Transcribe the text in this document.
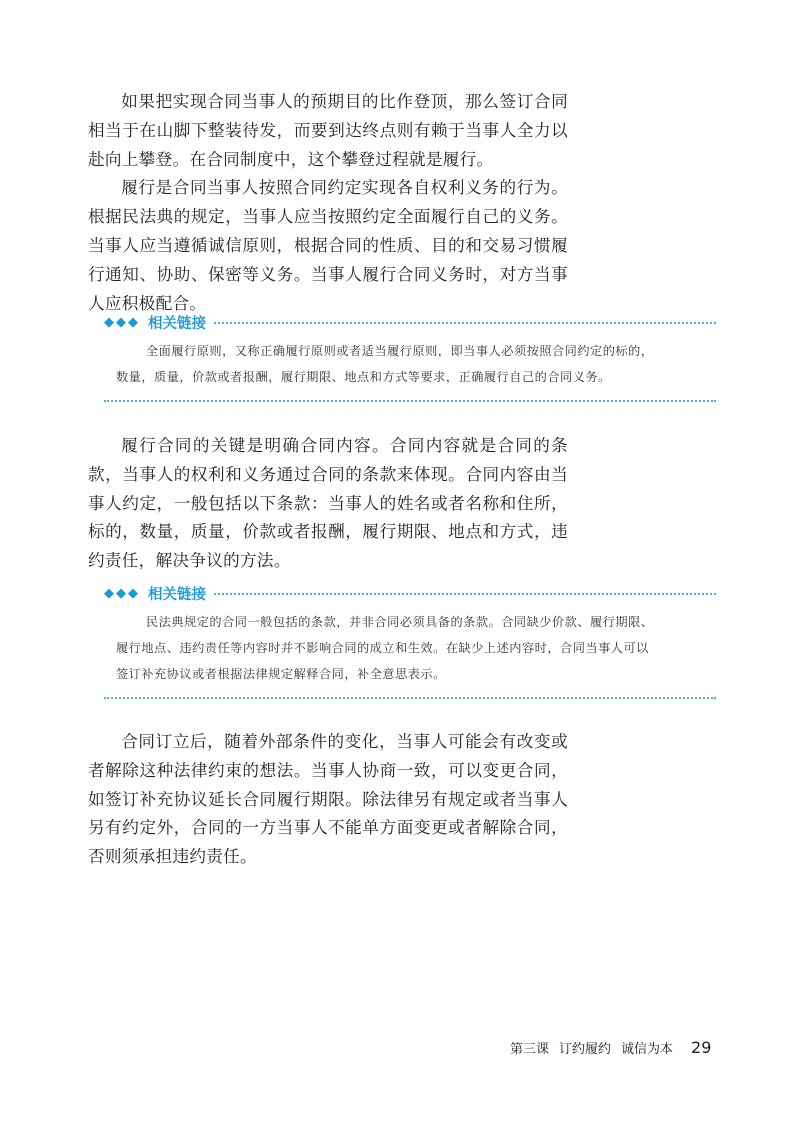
如果把实现合同当事人的预期目的比作登顶，那么签订合同相当于在山脚下整装待发，而要到达终点则有赖于当事人全力以赴向上攀登。在合同制度中，这个攀登过程就是履行。

履行是合同当事人按照合同约定实现各自权利义务的行为。根据民法典的规定，当事人应当按照约定全面履行自己的义务。当事人应当遵循诚信原则，根据合同的性质、目的和交易习惯履行通知、协助、保密等义务。当事人履行合同义务时，对方当事人应积极配合。

◆◆◆ 相关链接
全面履行原则，又称正确履行原则或者适当履行原则，即当事人必须按照合同约定的标的，
数量，质量，价款或者报酬，履行期限、地点和方式等要求，正确履行自己的合同义务。

履行合同的关键是明确合同内容。合同内容就是合同的条款，当事人的权利和义务通过合同的条款来体现。合同内容由当事人约定，一般包括以下条款：当事人的姓名或者名称和住所，标的，数量，质量，价款或者报酬，履行期限、地点和方式，违约责任，解决争议的方法。

◆◆◆ 相关链接
民法典规定的合同一般包括的条款，并非合同必须具备的条款。合同缺少价款、履行期限、
履行地点、违约责任等内容时并不影响合同的成立和生效。在缺少上述内容时，合同当事人可以
签订补充协议或者根据法律规定解释合同，补全意思表示。

合同订立后，随着外部条件的变化，当事人可能会有改变或者解除这种法律约束的想法。当事人协商一致，可以变更合同，如签订补充协议延长合同履行期限。除法律另有规定或者当事人另有约定外，合同的一方当事人不能单方面变更或者解除合同，否则须承担违约责任。

第三课 订约履约 诚信为本 29
